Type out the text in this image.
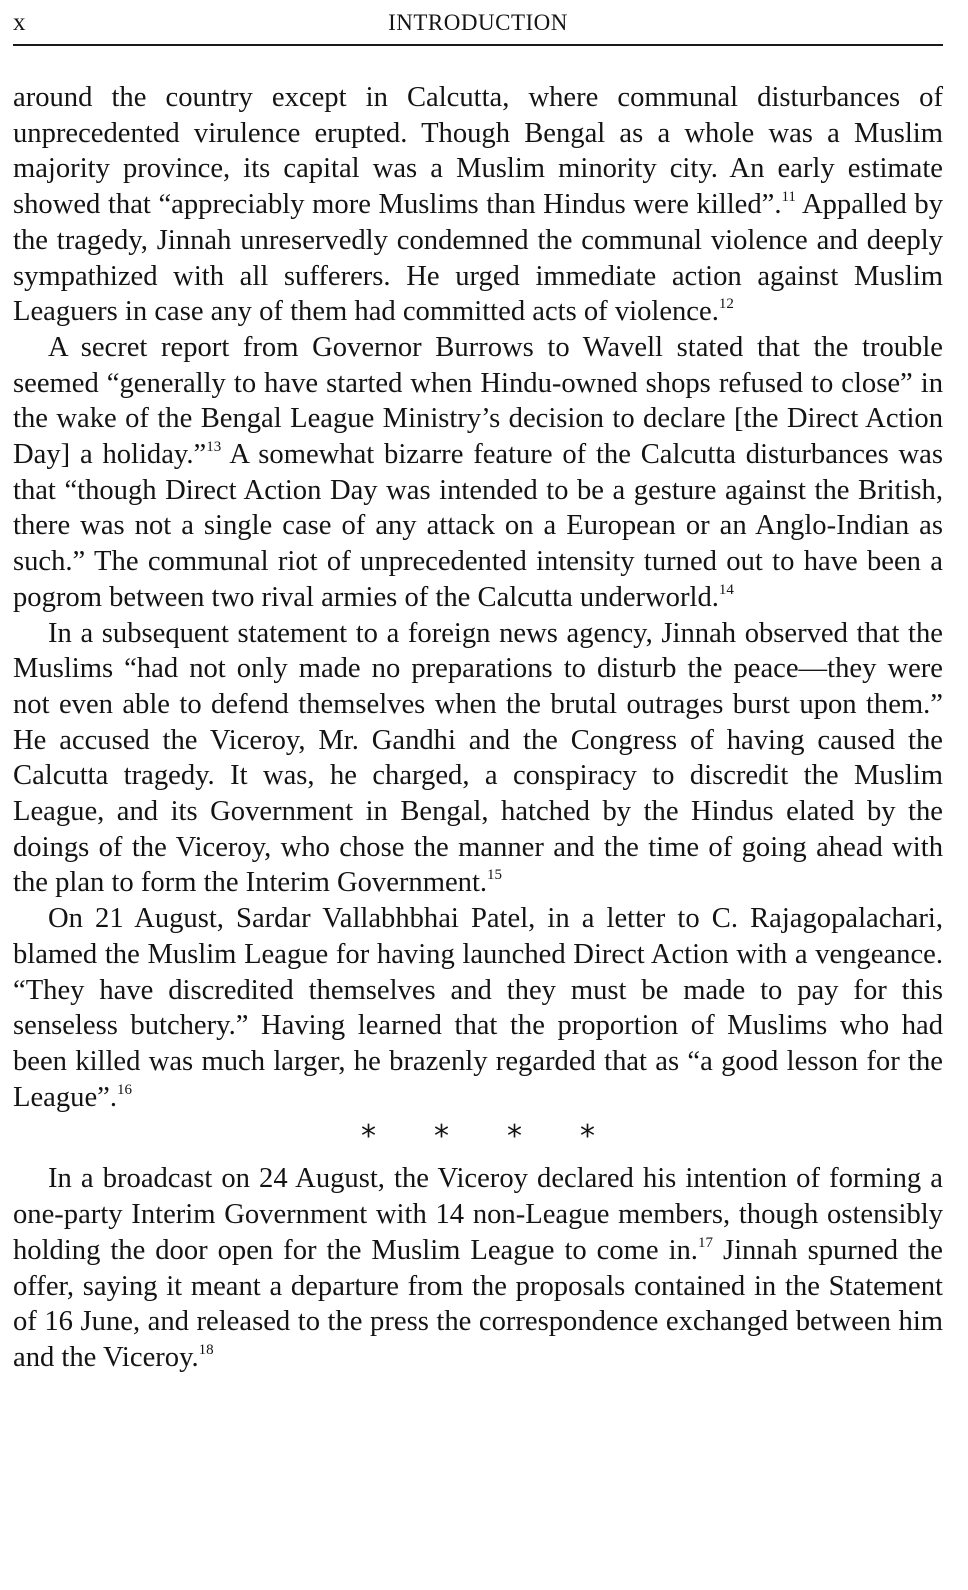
x	INTRODUCTION

around the country except in Calcutta, where communal disturbances of unprecedented virulence erupted. Though Bengal as a whole was a Muslim majority province, its capital was a Muslim minority city. An early estimate showed that “appreciably more Muslims than Hindus were killed”.$^{11}$ Appalled by the tragedy, Jinnah unreservedly condemned the communal violence and deeply sympathized with all sufferers. He urged immediate action against Muslim Leaguers in case any of them had committed acts of violence.$^{12}$

A secret report from Governor Burrows to Wavell stated that the trouble seemed “generally to have started when Hindu-owned shops refused to close” in the wake of the Bengal League Ministry’s decision to declare [the Direct Action Day] a holiday.”$^{13}$ A somewhat bizarre feature of the Calcutta disturbances was that “though Direct Action Day was intended to be a gesture against the British, there was not a single case of any attack on a European or an Anglo-Indian as such.” The communal riot of unprecedented intensity turned out to have been a pogrom between two rival armies of the Calcutta underworld.$^{14}$

In a subsequent statement to a foreign news agency, Jinnah observed that the Muslims “had not only made no preparations to disturb the peace—they were not even able to defend themselves when the brutal outrages burst upon them.” He accused the Viceroy, Mr. Gandhi and the Congress of having caused the Calcutta tragedy. It was, he charged, a conspiracy to discredit the Muslim League, and its Government in Bengal, hatched by the Hindus elated by the doings of the Viceroy, who chose the manner and the time of going ahead with the plan to form the Interim Government.$^{15}$

On 21 August, Sardar Vallabhbhai Patel, in a letter to C. Rajagopalachari, blamed the Muslim League for having launched Direct Action with a vengeance. “They have discredited themselves and they must be made to pay for this senseless butchery.” Having learned that the proportion of Muslims who had been killed was much larger, he brazenly regarded that as “a good lesson for the League”.$^{16}$

* * * *

In a broadcast on 24 August, the Viceroy declared his intention of forming a one-party Interim Government with 14 non-League members, though ostensibly holding the door open for the Muslim League to come in.$^{17}$ Jinnah spurned the offer, saying it meant a departure from the proposals contained in the Statement of 16 June, and released to the press the correspondence exchanged between him and the Viceroy.$^{18}$
